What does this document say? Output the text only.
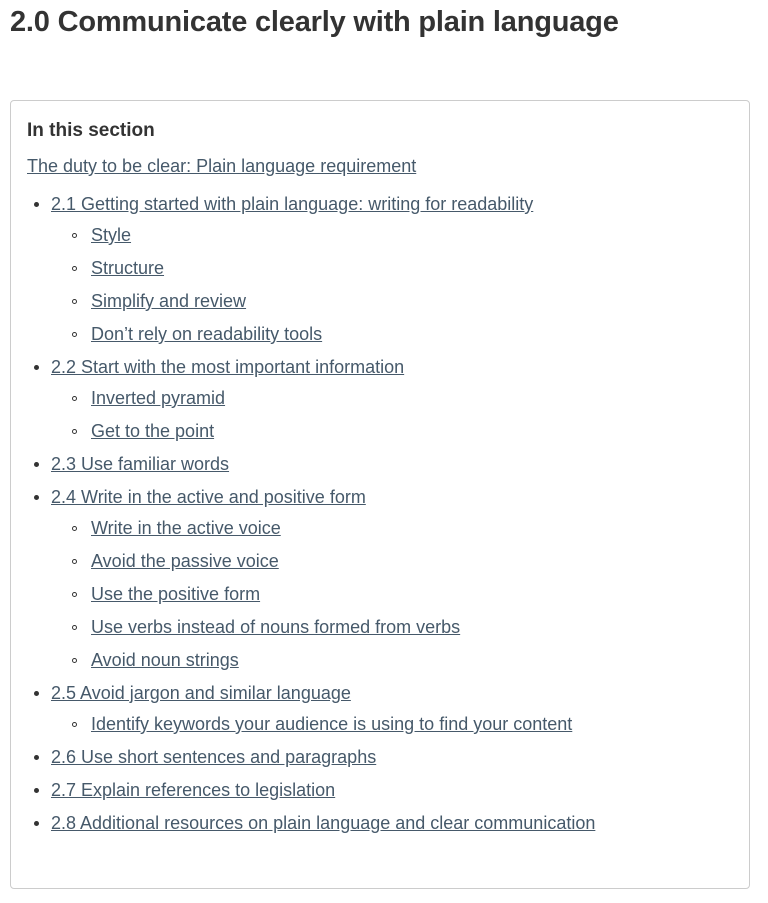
2.0 Communicate clearly with plain language
In this section

The duty to be clear: Plain language requirement

2.1 Getting started with plain language: writing for readability
Style
Structure
Simplify and review
Don’t rely on readability tools
2.2 Start with the most important information
Inverted pyramid
Get to the point
2.3 Use familiar words
2.4 Write in the active and positive form
Write in the active voice
Avoid the passive voice
Use the positive form
Use verbs instead of nouns formed from verbs
Avoid noun strings
2.5 Avoid jargon and similar language
Identify keywords your audience is using to find your content
2.6 Use short sentences and paragraphs
2.7 Explain references to legislation
2.8 Additional resources on plain language and clear communication
